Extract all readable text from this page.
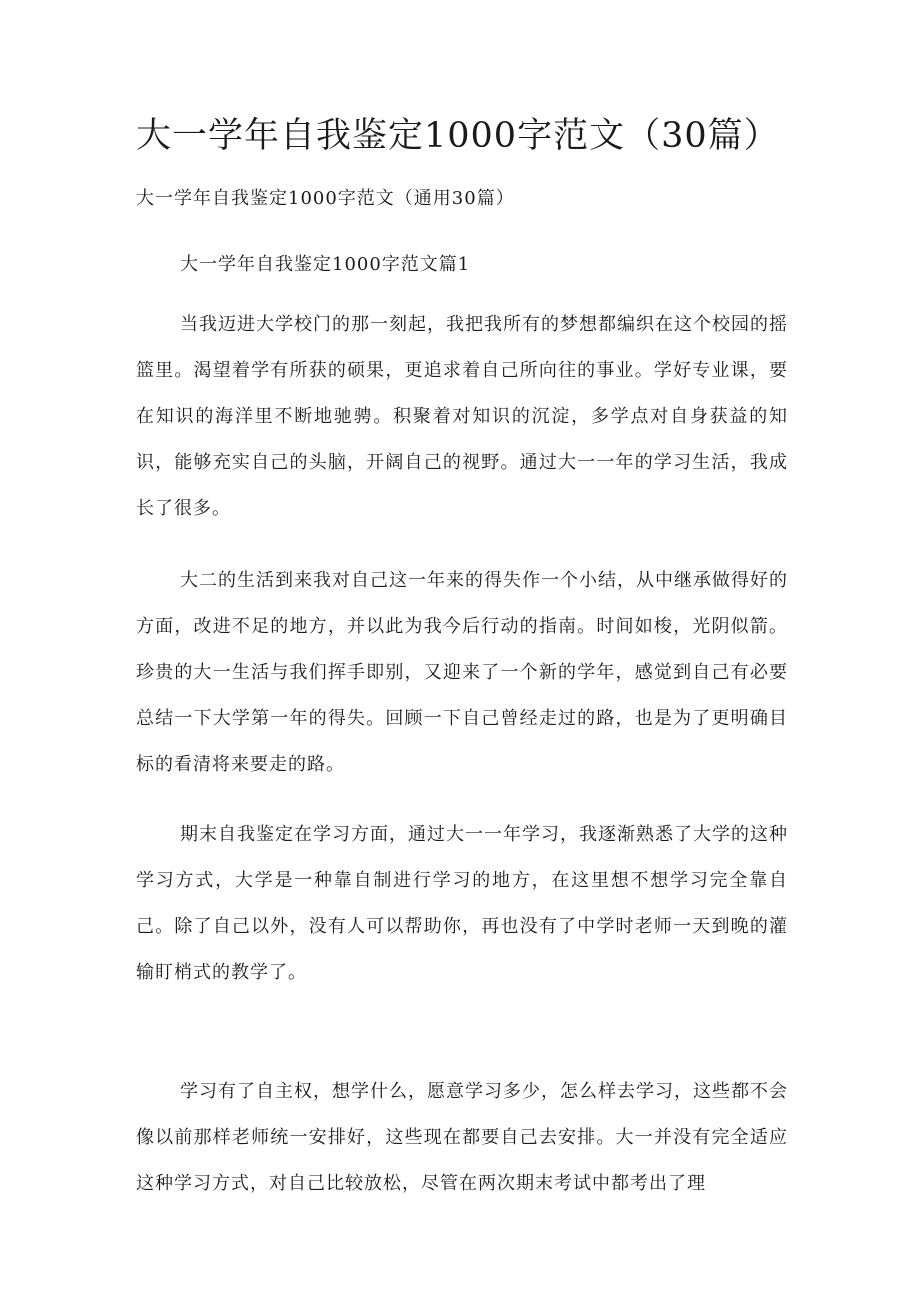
大一学年自我鉴定1000字范文（30篇）

大一学年自我鉴定1000字范文（通用30篇）

大一学年自我鉴定1000字范文篇1

当我迈进大学校门的那一刻起，我把我所有的梦想都编织在这个校园的摇篮里。渴望着学有所获的硕果，更追求着自己所向往的事业。学好专业课，要在知识的海洋里不断地驰骋。积聚着对知识的沉淀，多学点对自身获益的知识，能够充实自己的头脑，开阔自己的视野。通过大一一年的学习生活，我成长了很多。

大二的生活到来我对自己这一年来的得失作一个小结，从中继承做得好的方面，改进不足的地方，并以此为我今后行动的指南。时间如梭，光阴似箭。珍贵的大一生活与我们挥手即别，又迎来了一个新的学年，感觉到自己有必要总结一下大学第一年的得失。回顾一下自己曾经走过的路，也是为了更明确目标的看清将来要走的路。

期末自我鉴定在学习方面，通过大一一年学习，我逐渐熟悉了大学的这种学习方式，大学是一种靠自制进行学习的地方，在这里想不想学习完全靠自己。除了自己以外，没有人可以帮助你，再也没有了中学时老师一天到晚的灌输盯梢式的教学了。

学习有了自主权，想学什么，愿意学习多少，怎么样去学习，这些都不会像以前那样老师统一安排好，这些现在都要自己去安排。大一并没有完全适应这种学习方式，对自己比较放松，尽管在两次期末考试中都考出了理
